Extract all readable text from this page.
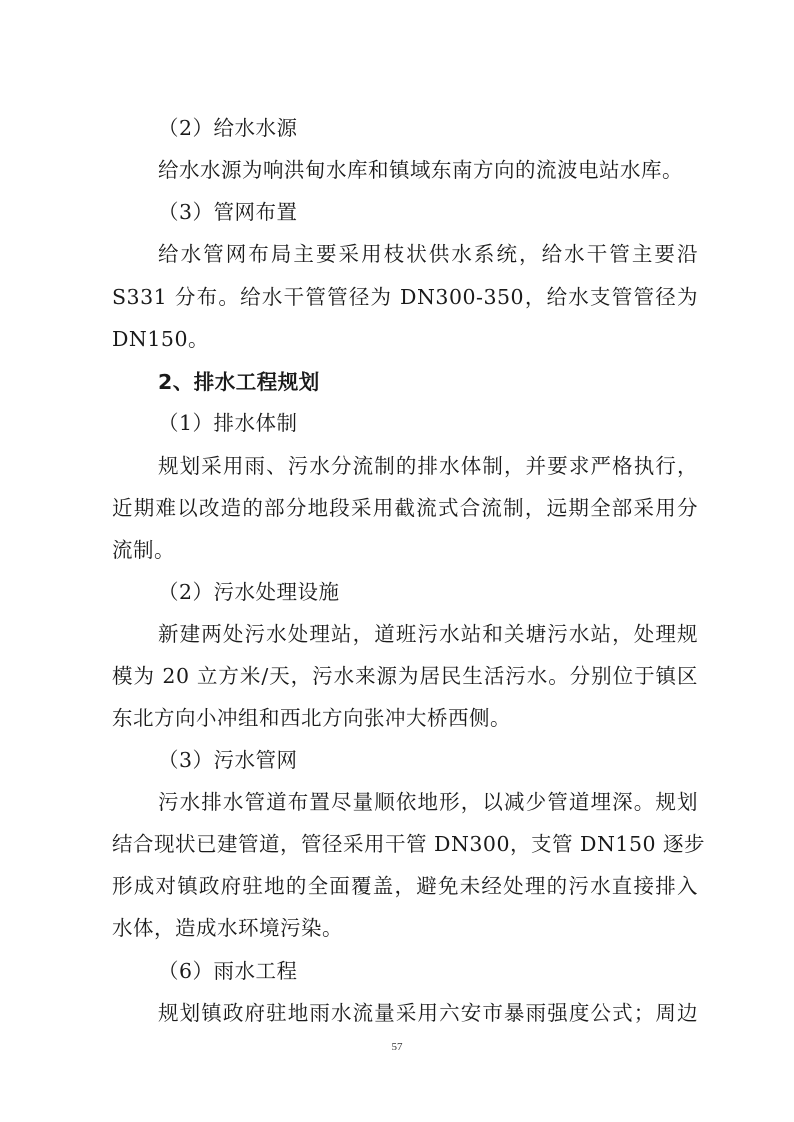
（2）给水水源
给水水源为响洪甸水库和镇域东南方向的流波电站水库。
（3）管网布置
给水管网布局主要采用枝状供水系统，给水干管主要沿
S331 分布。给水干管管径为 DN300-350，给水支管管径为
DN150。
2、排水工程规划
（1）排水体制
规划采用雨、污水分流制的排水体制，并要求严格执行，
近期难以改造的部分地段采用截流式合流制，远期全部采用分
流制。
（2）污水处理设施
新建两处污水处理站，道班污水站和关塘污水站，处理规
模为 20 立方米/天，污水来源为居民生活污水。分别位于镇区
东北方向小冲组和西北方向张冲大桥西侧。
（3）污水管网
污水排水管道布置尽量顺依地形，以减少管道埋深。规划
结合现状已建管道，管径采用干管 DN300，支管 DN150 逐步
形成对镇政府驻地的全面覆盖，避免未经处理的污水直接排入
水体，造成水环境污染。
（6）雨水工程
规划镇政府驻地雨水流量采用六安市暴雨强度公式；周边
57
